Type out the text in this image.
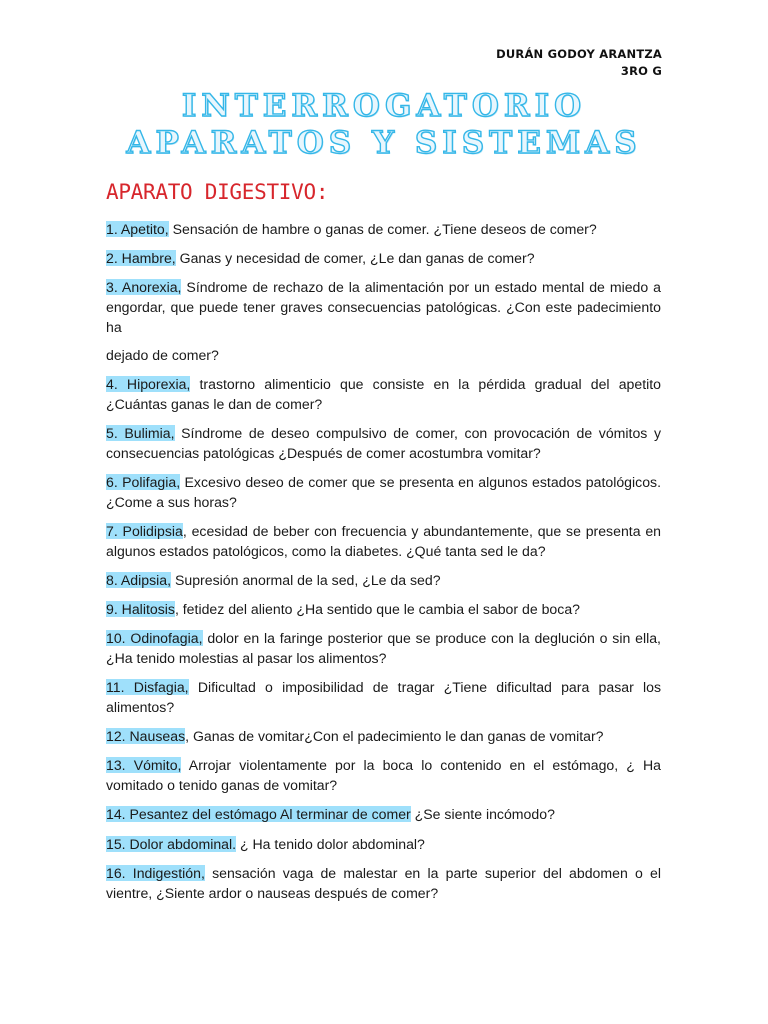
DURÁN GODOY ARANTZA
3RO G
INTERROGATORIO
APARATOS Y SISTEMAS
APARATO DIGESTIVO:

1. Apetito, Sensación de hambre o ganas de comer. ¿Tiene deseos de comer?

2. Hambre, Ganas y necesidad de comer, ¿Le dan ganas de comer?

3. Anorexia, Síndrome de rechazo de la alimentación por un estado mental de miedo a engordar, que puede tener graves consecuencias patológicas. ¿Con este padecimiento ha

dejado de comer?

4. Hiporexia, trastorno alimenticio que consiste en la pérdida gradual del apetito ¿Cuántas ganas le dan de comer?

5. Bulimia, Síndrome de deseo compulsivo de comer, con provocación de vómitos y consecuencias patológicas ¿Después de comer acostumbra vomitar?

6. Polifagia, Excesivo deseo de comer que se presenta en algunos estados patológicos. ¿Come a sus horas?

7. Polidipsia, ecesidad de beber con frecuencia y abundantemente, que se presenta en algunos estados patológicos, como la diabetes. ¿Qué tanta sed le da?

8. Adipsia, Supresión anormal de la sed, ¿Le da sed?

9. Halitosis, fetidez del aliento ¿Ha sentido que le cambia el sabor de boca?

10. Odinofagia, dolor en la faringe posterior que se produce con la deglución o sin ella, ¿Ha tenido molestias al pasar los alimentos?

11. Disfagia, Dificultad o imposibilidad de tragar ¿Tiene dificultad para pasar los alimentos?

12. Nauseas, Ganas de vomitar¿Con el padecimiento le dan ganas de vomitar?

13. Vómito, Arrojar violentamente por la boca lo contenido en el estómago, ¿ Ha vomitado o tenido ganas de vomitar?

14. Pesantez del estómago Al terminar de comer ¿Se siente incómodo?

15. Dolor abdominal. ¿ Ha tenido dolor abdominal?

16. Indigestión, sensación vaga de malestar en la parte superior del abdomen o el vientre, ¿Siente ardor o nauseas después de comer?
